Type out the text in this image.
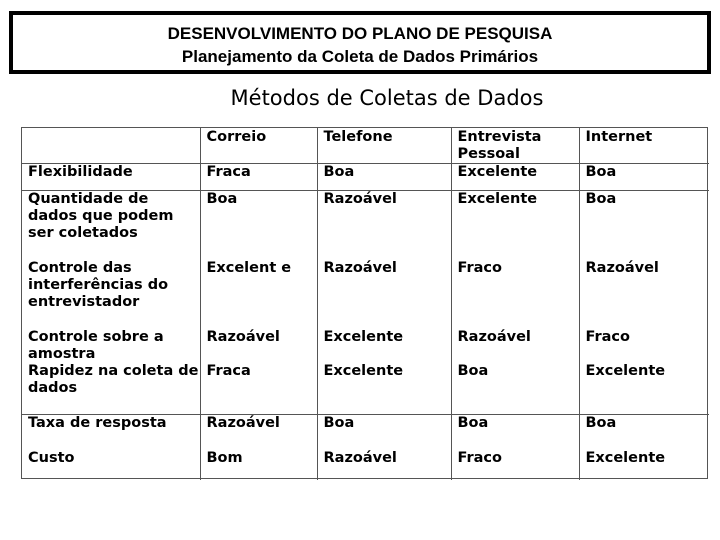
DESENVOLVIMENTO DO PLANO DE PESQUISA
Planejamento da Coleta de Dados Primários
Métodos de Coletas de Dados
	Correio	Telefone	Entrevista Pessoal	Internet
Flexibilidade	Fraca	Boa	Excelente	Boa
Quantidade de dados que podem ser coletados	Boa	Razoável	Excelente	Boa
Controle das interferências do entrevistador	Excelent e	Razoável	Fraco	Razoável
Controle sobre a amostra	Razoável	Excelente	Razoável	Fraco
Rapidez na coleta de dados	Fraca	Excelente	Boa	Excelente
Taxa de resposta	Razoável	Boa	Boa	Boa
Custo	Bom	Razoável	Fraco	Excelente
